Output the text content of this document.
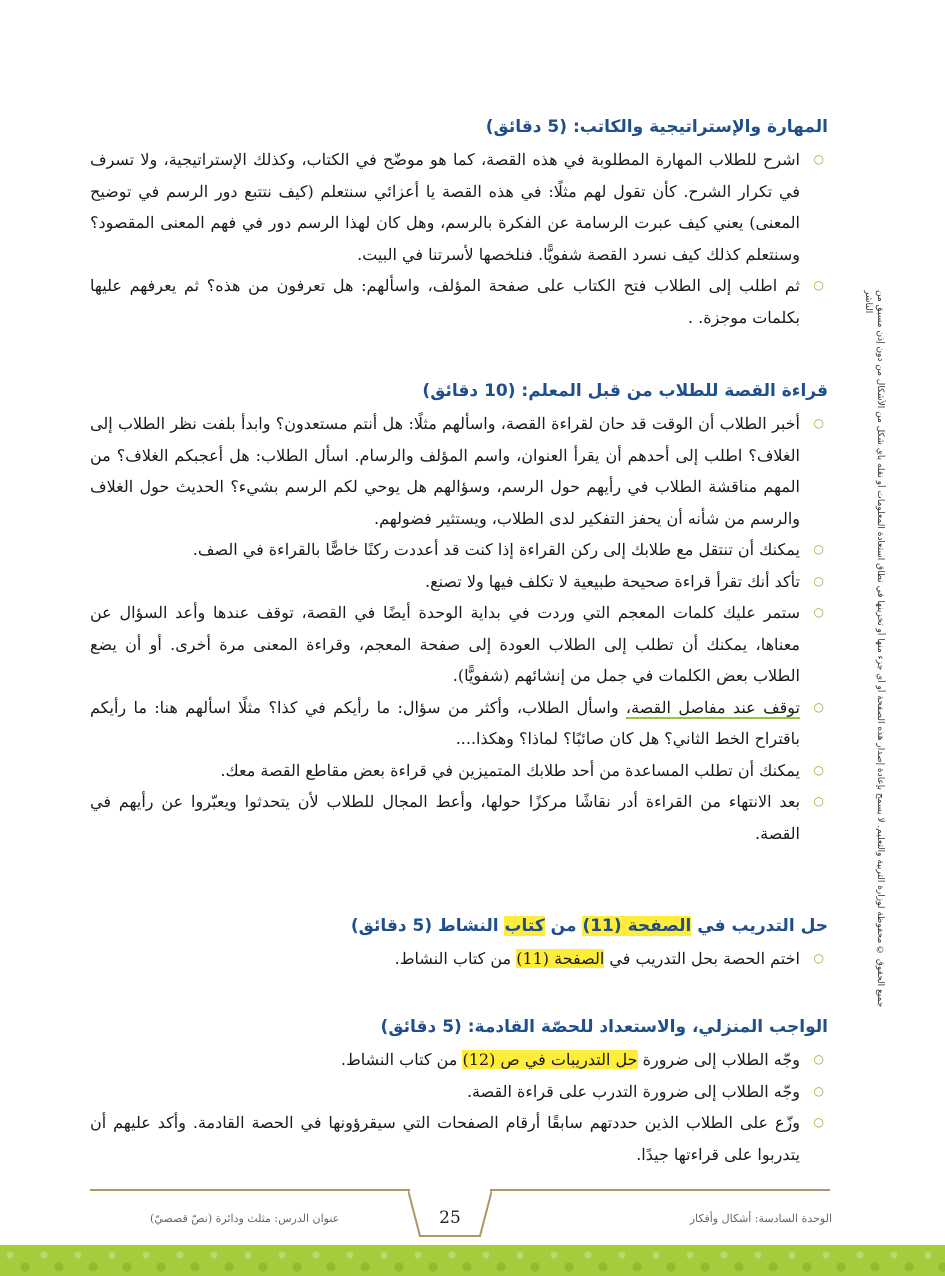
جميع الحقوق © محفوظة لوزارة التربية والتعليم. لا يسمح بإعادة إصدار هذه الصفحة أو أي جزء منها أو تخزينها في نطاق استعادة المعلومات أو نقله بأي شكل من الأشكال من دون إذن مسبق من الناشر
المهارة والإستراتيجية والكاتب: (5 دقائق)
○
اشرح للطلاب المهارة المطلوبة في هذه القصة، كما هو موضّح في الكتاب، وكذلك الإستراتيجية، ولا تسرف في تكرار الشرح. كأن تقول لهم مثلًا: في هذه القصة يا أعزائي سنتعلم (كيف نتتبع دور الرسم في توضيح المعنى) يعني كيف عبرت الرسامة عن الفكرة بالرسم، وهل كان لهذا الرسم دور في فهم المعنى المقصود؟ وسنتعلم كذلك كيف نسرد القصة شفويًّا. فنلخصها لأسرتنا في البيت.
○
ثم اطلب إلى الطلاب فتح الكتاب على صفحة المؤلف، واسألهم: هل تعرفون من هذه؟ ثم يعرفهم عليها بكلمات موجزة. .
قراءة القصة للطلاب من قبل المعلم: (10 دقائق)
○
أخبر الطلاب أن الوقت قد حان لقراءة القصة، واسألهم مثلًا: هل أنتم مستعدون؟ وابدأ بلفت نظر الطلاب إلى الغلاف؟ اطلب إلى أحدهم أن يقرأ العنوان، واسم المؤلف والرسام. اسأل الطلاب: هل أعجبكم الغلاف؟ من المهم مناقشة الطلاب في رأيهم حول الرسم، وسؤالهم هل يوحي لكم الرسم بشيء؟ الحديث حول الغلاف والرسم من شأنه أن يحفز التفكير لدى الطلاب، ويستثير فضولهم.
○
يمكنك أن تنتقل مع طلابك إلى ركن القراءة إذا كنت قد أعددت ركنًا خاصًّا بالقراءة في الصف.
○
تأكد أنك تقرأ قراءة صحيحة طبيعية لا تكلف فيها ولا تصنع.
○
ستمر عليك كلمات المعجم التي وردت في بداية الوحدة أيضًا في القصة، توقف عندها وأعد السؤال عن معناها، يمكنك أن تطلب إلى الطلاب العودة إلى صفحة المعجم، وقراءة المعنى مرة أخرى. أو أن يضع الطلاب بعض الكلمات في جمل من إنشائهم (شفويًّا).
○
توقف عند مفاصل القصة، واسأل الطلاب، وأكثر من سؤال: ما رأيكم في كذا؟ مثلًا اسألهم هنا: ما رأيكم باقتراح الخط الثاني؟ هل كان صائبًا؟ لماذا؟ وهكذا....
○
يمكنك أن تطلب المساعدة من أحد طلابك المتميزين في قراءة بعض مقاطع القصة معك.
○
بعد الانتهاء من القراءة أدر نقاشًا مركزًا حولها، وأعط المجال للطلاب لأن يتحدثوا ويعبّروا عن رأيهم في القصة.
حل التدريب في الصفحة (11) من كتاب النشاط (5 دقائق)
○
اختم الحصة بحل التدريب في الصفحة (11) من كتاب النشاط.
الواجب المنزلي، والاستعداد للحصّة القادمة: (5 دقائق)
○
وجّه الطلاب إلى ضرورة حل التدريبات في ص (12) من كتاب النشاط.
○
وجّه الطلاب إلى ضرورة التدرب على قراءة القصة.
○
وزّع على الطلاب الذين حددتهم سابقًا أرقام الصفحات التي سيقرؤونها في الحصة القادمة. وأكد عليهم أن يتدربوا على قراءتها جيدًا.
25	الوحدة السادسة: أشكال وأفكار
عنوان الدرس: مثلث ودائرة (نصّ قصصيّ)
